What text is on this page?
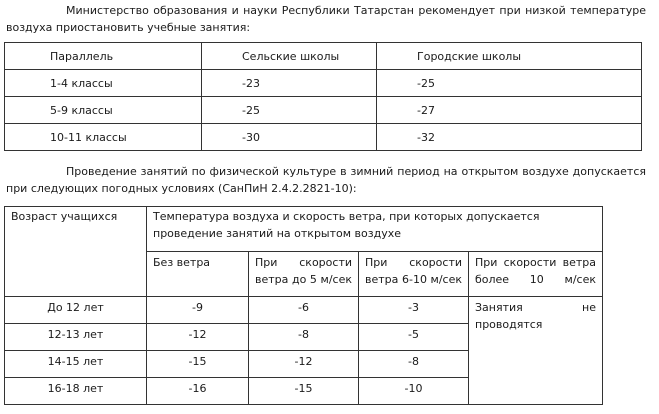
Министерство образования и науки Республики Татарстан рекомендует при низкой температуре воздуха приостановить учебные занятия:
Параллель	Сельские школы	Городские школы
1-4 классы	-23	-25
5-9 классы	-25	-27
10-11 классы	-30	-32
Проведение занятий по физической культуре в зимний период на открытом воздухе допускается при следующих погодных условиях (СанПиН 2.4.2.2821-10):
Возраст учащихся	Температура воздуха и скорость ветра, при которых допускается проведение занятий на открытом воздухе			
	Без ветра	При скорости ветра до 5 м/сек	При скорости ветра 6-10 м/сек	При скорости ветра более 10 м/сек
До 12 лет	-9	-6	-3	Занятия не
проводятся

12-13 лет	-12	-8	-5	
14-15 лет	-15	-12	-8	
16-18 лет	-16	-15	-10	
